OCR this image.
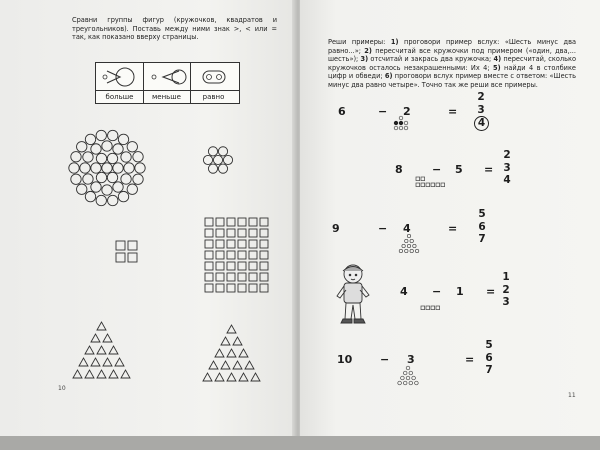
Сравни группы фигур (кружочков, квадратов и треугольников). Поставь между ними знак >, < или = так, как показано вверху страницы.
больше	меньше	равно
10
Реши примеры: 1) проговори пример вслух: «Шесть минус два равно...»; 2) пересчитай все кружочки под примером («один, два,... шесть»); 3) отсчитай и закрась два кружочка; 4) пересчитай, сколько кружочков осталось незакрашенными: Их 4; 5) найди 4 в столбике цифр и обведи; 6) проговори вслух пример вместе с ответом: «Шесть минус два равно четыре». Точно так же реши все примеры.
11
6	− 2	=
2
3
4
8	− 5 =
2
3
4
9	− 4	=
5
6
7
4 − 1 =
1
2
3
10	− 3	=
5
6
7
